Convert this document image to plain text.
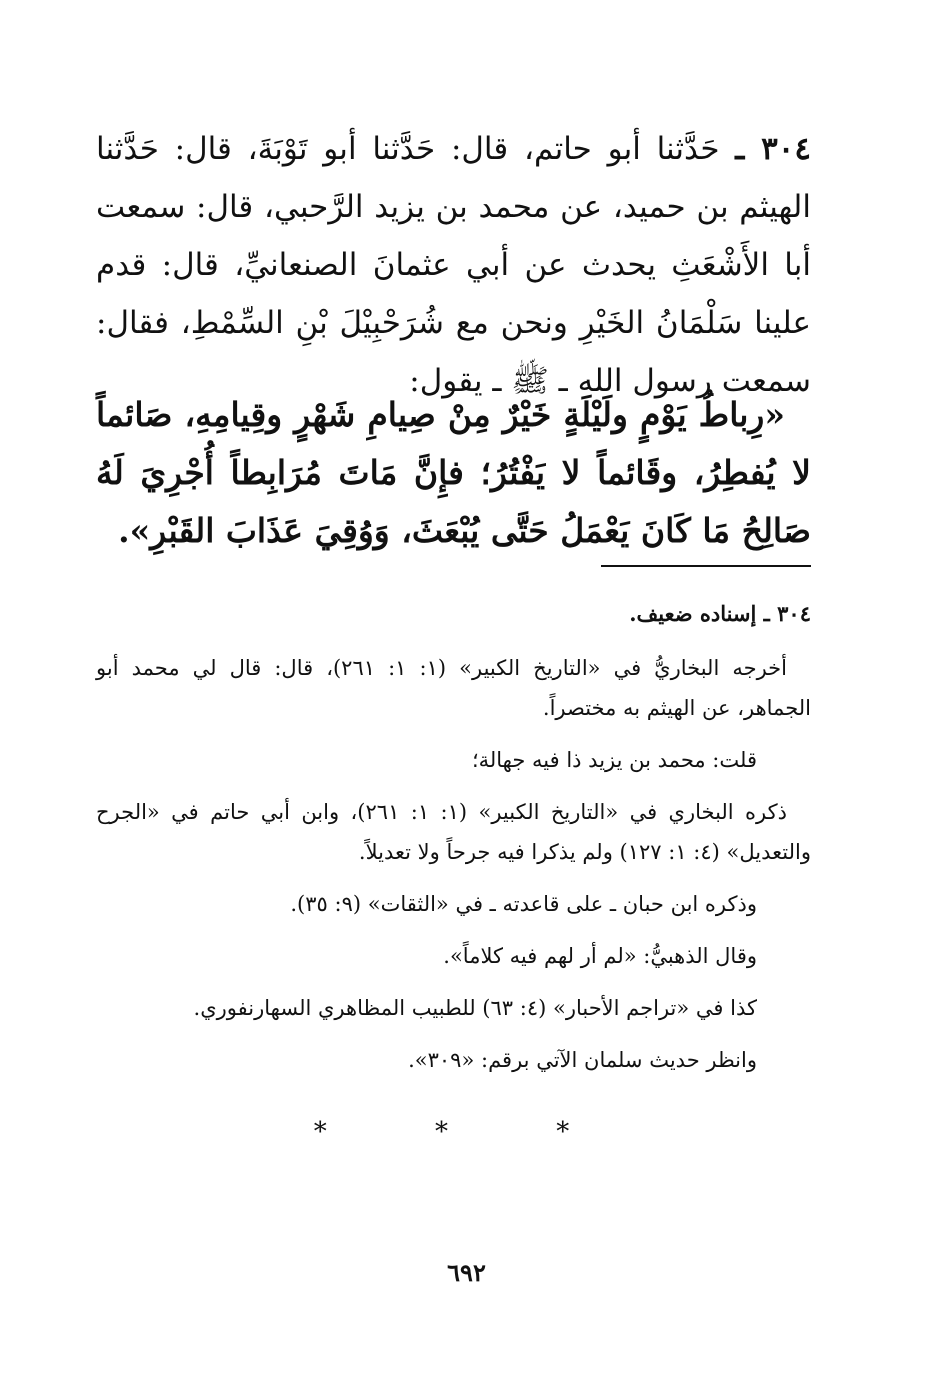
٣٠٤ ـ حَدَّثنا أبو حاتم، قال: حَدَّثنا أبو تَوْبَةَ، قال: حَدَّثنا الهيثم بن حميد، عن محمد بن يزيد الرَّحبي، قال: سمعت أبا الأَشْعَثِ يحدث عن أبي عثمانَ الصنعانيِّ، قال: قدم علينا سَلْمَانُ الخَيْرِ ونحن مع شُرَحْبِيْلَ بْنِ السِّمْطِ، فقال: سمعت رسول الله ـ ﷺ ـ يقول:

«رِباطُ يَوْمٍ ولَيْلَةٍ خَيْرٌ مِنْ صِيامِ شَهْرٍ وقِيامِهِ، صَائماً لا يُفطِرُ، وقَائماً لا يَفْتُرُ؛ فإِنَّ مَاتَ مُرَابِطاً أُجْرِيَ لَهُ صَالِحُ مَا كَانَ يَعْمَلُ حَتَّى يُبْعَثَ، وَوُقِيَ عَذَابَ القَبْرِ».

٣٠٤ ـ إسناده ضعيف.

أخرجه البخاريُّ في «التاريخ الكبير» (١: ١: ٢٦١)، قال: قال لي محمد أبو الجماهر، عن الهيثم به مختصراً.

قلت: محمد بن يزيد ذا فيه جهالة؛

ذكره البخاري في «التاريخ الكبير» (١: ١: ٢٦١)، وابن أبي حاتم في «الجرح والتعديل» (٤: ١: ١٢٧) ولم يذكرا فيه جرحاً ولا تعديلاً.

وذكره ابن حبان ـ على قاعدته ـ في «الثقات» (٩: ٣٥).

وقال الذهبيُّ: «لم أر لهم فيه كلاماً».

كذا في «تراجم الأحبار» (٤: ٦٣) للطبيب المظاهري السهارنفوري.

وانظر حديث سلمان الآتي برقم: «٣٠٩».

* * *
٦٩٢
